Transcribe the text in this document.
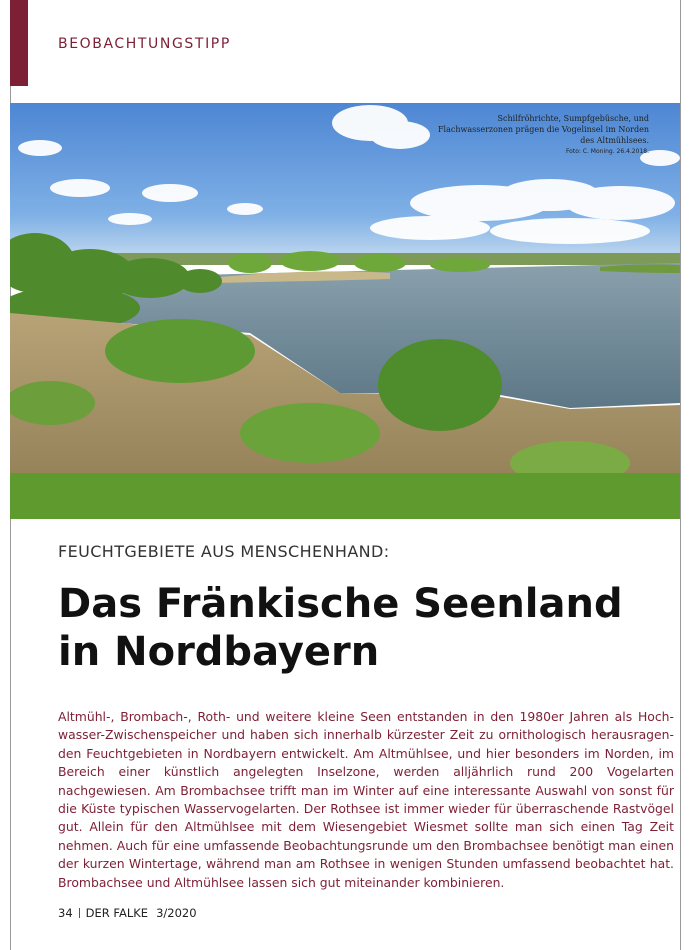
BEOBACHTUNGSTIPP
Schilfröhrichte, Sumpfgebüsche, und Flachwasserzonen prägen die Vogelinsel im Norden des Altmühlsees.
Foto: C. Moning. 26.4.2018.
FEUCHTGEBIETE AUS MENSCHENHAND:
Das Fränkische Seenland
in Nordbayern
Altmühl-, Brombach-, Roth- und weitere kleine Seen entstanden in den 1980er Jahren als Hochwasser-Zwischenspeicher und haben sich innerhalb kürzester Zeit zu ornithologisch herausragenden Feuchtgebieten in Nordbayern entwickelt. Am Altmühlsee, und hier besonders im Norden, im Bereich einer künstlich angelegten Inselzone, werden alljährlich rund 200 Vogelarten nachgewiesen. Am Brombachsee trifft man im Winter auf eine interessante Auswahl von sonst für die Küste typischen Wasservogelarten. Der Rothsee ist immer wieder für überraschende Rastvögel gut. Allein für den Altmühlsee mit dem Wiesengebiet Wiesmet sollte man sich einen Tag Zeit nehmen. Auch für eine umfassende Beobachtungsrunde um den Brombachsee benötigt man einen der kurzen Wintertage, während man am Rothsee in wenigen Stunden umfassend beobachtet hat. Brombachsee und Altmühlsee lassen sich gut miteinander kombinieren.
34 DER FALKE 3/2020
